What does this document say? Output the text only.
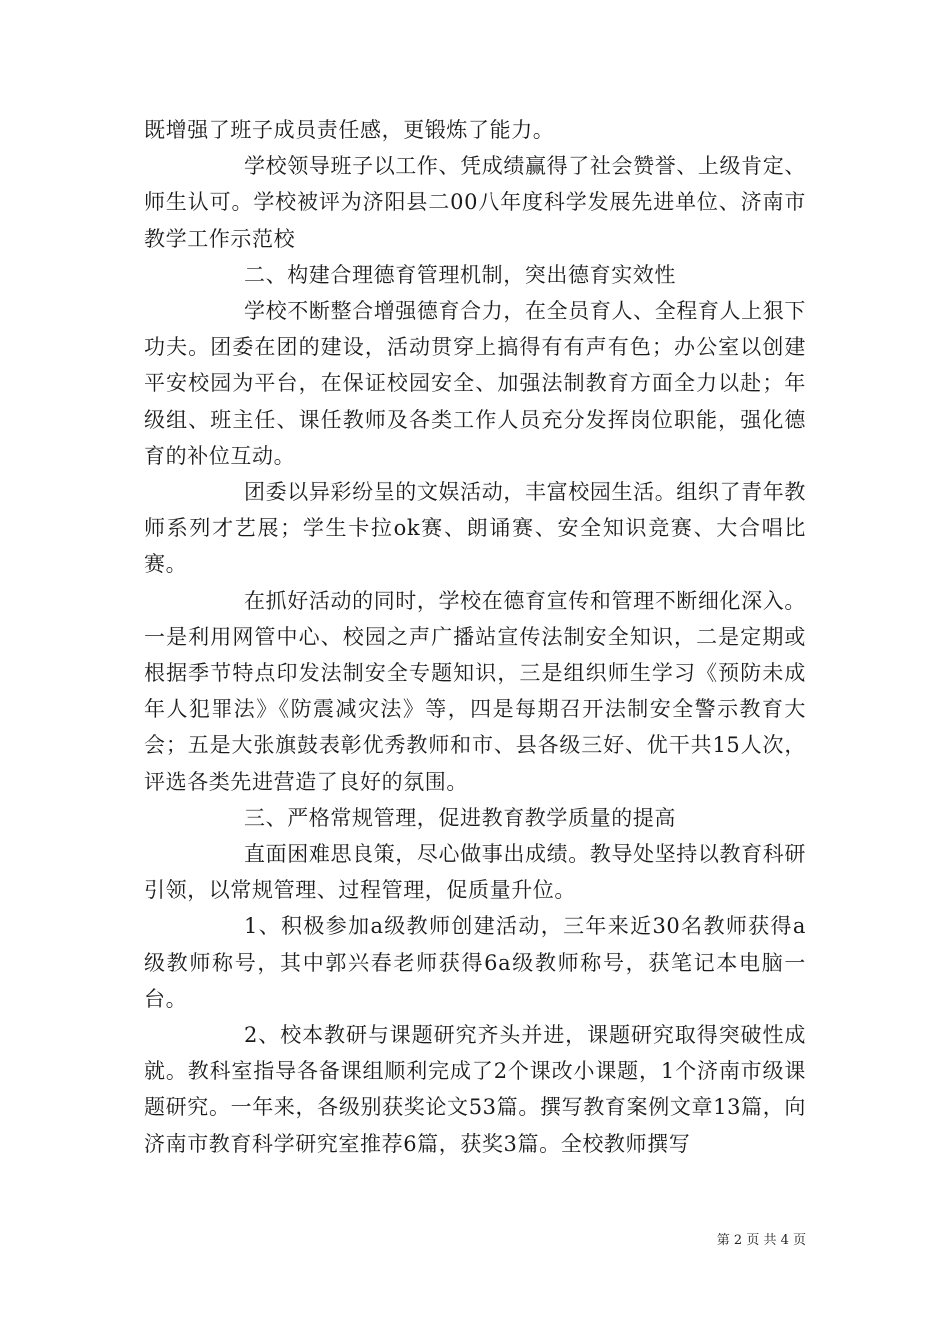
既增强了班子成员责任感，更锻炼了能力。

学校领导班子以工作、凭成绩赢得了社会赞誉、上级肯定、师生认可。学校被评为济阳县二00八年度科学发展先进单位、济南市教学工作示范校

二、构建合理德育管理机制，突出德育实效性

学校不断整合增强德育合力，在全员育人、全程育人上狠下功夫。团委在团的建设，活动贯穿上搞得有有声有色；办公室以创建平安校园为平台，在保证校园安全、加强法制教育方面全力以赴；年级组、班主任、课任教师及各类工作人员充分发挥岗位职能，强化德育的补位互动。

团委以异彩纷呈的文娱活动，丰富校园生活。组织了青年教师系列才艺展；学生卡拉ok赛、朗诵赛、安全知识竞赛、大合唱比赛。

在抓好活动的同时，学校在德育宣传和管理不断细化深入。一是利用网管中心、校园之声广播站宣传法制安全知识，二是定期或根据季节特点印发法制安全专题知识，三是组织师生学习《预防未成年人犯罪法》《防震减灾法》等，四是每期召开法制安全警示教育大会；五是大张旗鼓表彰优秀教师和市、县各级三好、优干共15人次，评选各类先进营造了良好的氛围。

三、严格常规管理，促进教育教学质量的提高

直面困难思良策，尽心做事出成绩。教导处坚持以教育科研引领，以常规管理、过程管理，促质量升位。

1、积极参加a级教师创建活动，三年来近30名教师获得a级教师称号，其中郭兴春老师获得6a级教师称号，获笔记本电脑一台。

2、校本教研与课题研究齐头并进，课题研究取得突破性成就。教科室指导各备课组顺利完成了2个课改小课题，1个济南市级课题研究。一年来，各级别获奖论文53篇。撰写教育案例文章13篇，向济南市教育科学研究室推荐6篇，获奖3篇。全校教师撰写

第 2 页 共 4 页
